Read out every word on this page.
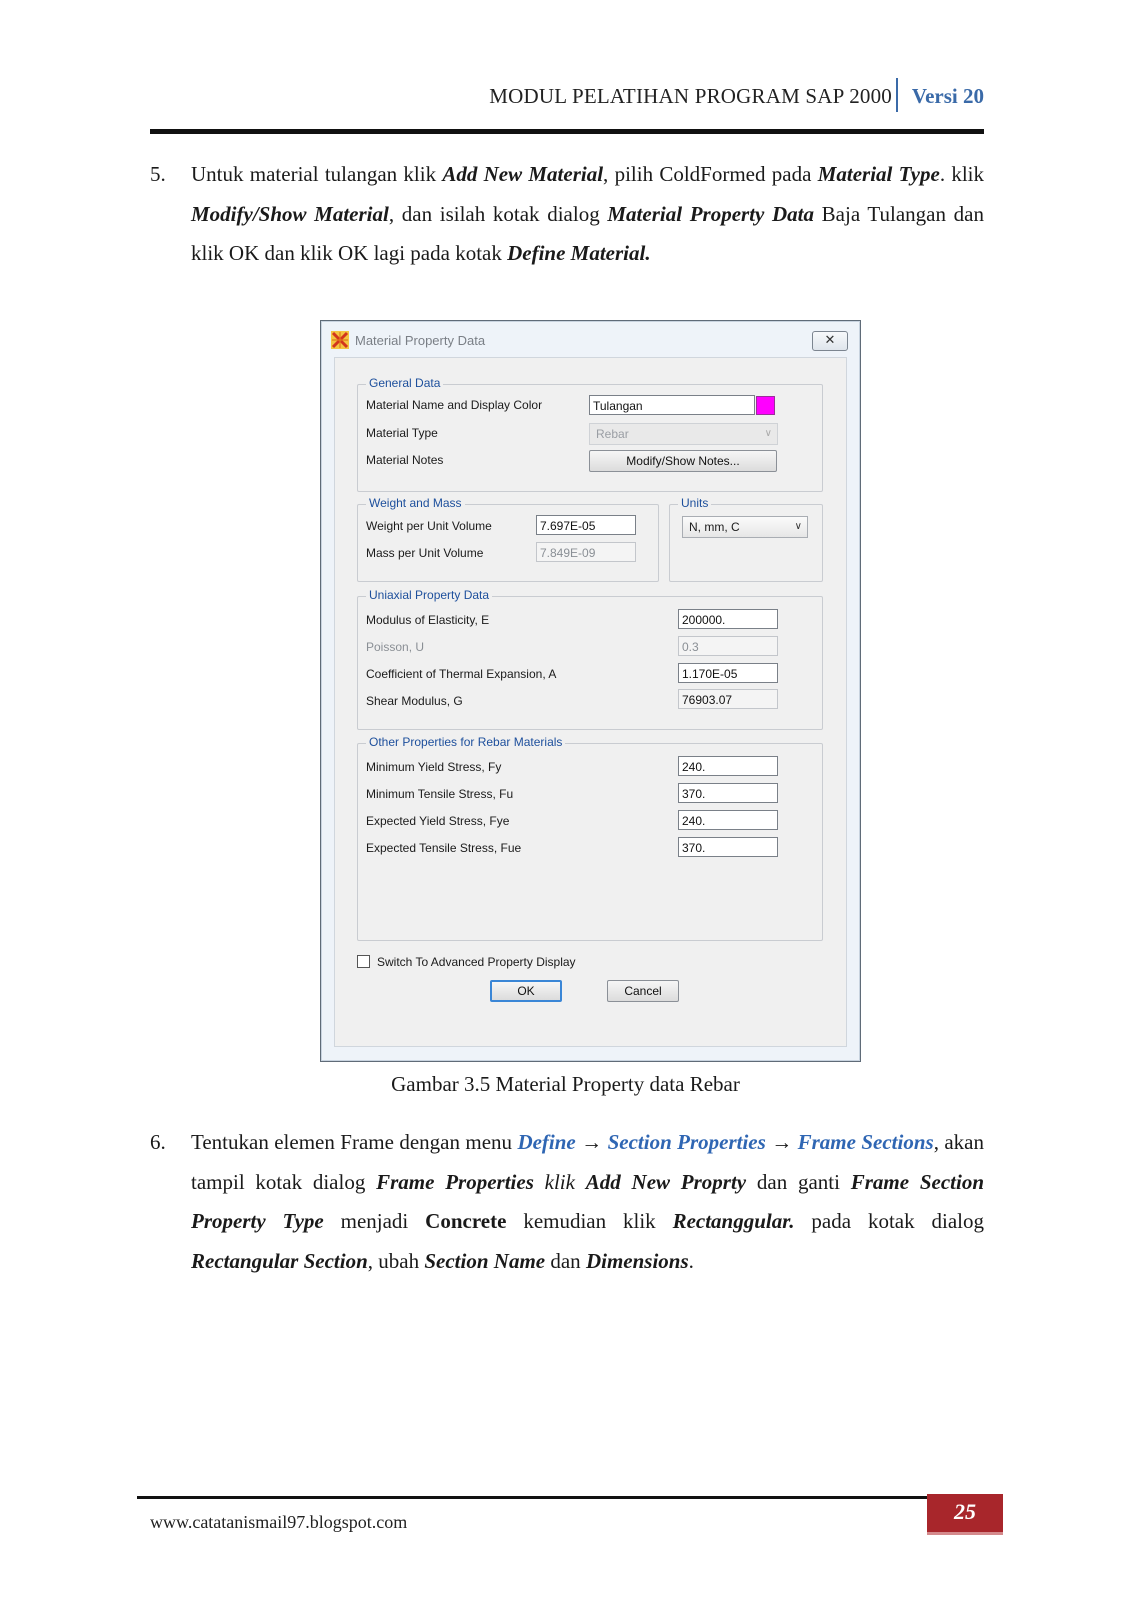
MODUL PELATIHAN PROGRAM SAP 2000 Versi 20
5. Untuk material tulangan klik Add New Material, pilih ColdFormed pada Material Type. klik Modify/Show Material, dan isilah kotak dialog Material Property Data Baja Tulangan dan klik OK dan klik OK lagi pada kotak Define Material.
Material Property Data	✕
General Data
Material Name and Display Color	Tulangan
Material Type	Rebar	∨
Material Notes	Modify/Show Notes...
Weight and Mass
Weight per Unit Volume	7.697E-05
Mass per Unit Volume	7.849E-09
Units
N, mm, C	∨
Uniaxial Property Data
Modulus of Elasticity, E	200000.
Poisson, U	0.3
Coefficient of Thermal Expansion, A	1.170E-05
Shear Modulus, G	76903.07
Other Properties for Rebar Materials
Minimum Yield Stress, Fy	240.
Minimum Tensile Stress, Fu	370.
Expected Yield Stress, Fye	240.
Expected Tensile Stress, Fue	370.
Switch To Advanced Property Display
OK	Cancel
Gambar 3.5 Material Property data Rebar
6. Tentukan elemen Frame dengan menu Define → Section Properties → Frame Sections, akan tampil kotak dialog Frame Properties klik Add New Proprty dan ganti Frame Section Property Type menjadi Concrete kemudian klik Rectanggular. pada kotak dialog Rectangular Section, ubah Section Name dan Dimensions.
www.catatanismail97.blogspot.com	25
